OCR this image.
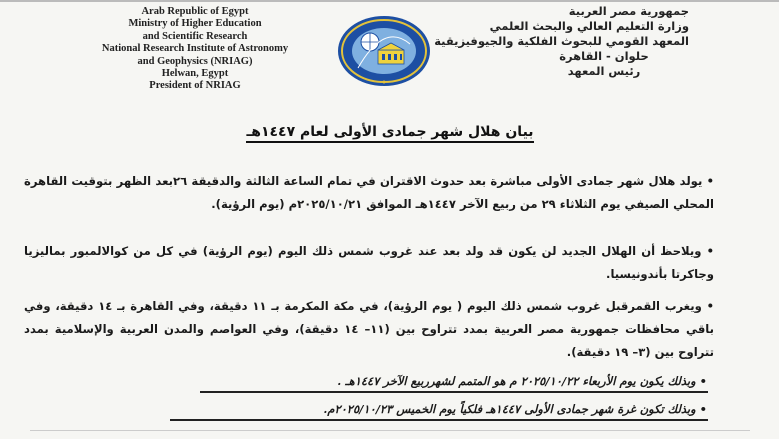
Arab Republic of Egypt
Ministry of Higher Education
and Scientific Research
National Research Institute of Astronomy
and Geophysics (NRIAG)
Helwan, Egypt
President of NRIAG
جمهورية مصر العربية
وزارة التعليم العالي والبحث العلمي
المعهد القومي للبحوث الفلكية والجيوفيزيقية
حلوان - القاهرة
رئيس المعهد
بيان هلال شهر جمادى الأولى لعام ١٤٤٧هـ
• يولد هلال شهر جمادى الأولى مباشرة بعد حدوث الاقتران في تمام الساعة الثالثة والدقيقة ٢٦بعد الظهر بتوقيت القاهرة المحلي الصيفي يوم الثلاثاء ٢٩ من ربيع الآخر ١٤٤٧هـ الموافق ٢٠٢٥/١٠/٢١م (يوم الرؤية).
• ويلاحظ أن الهلال الجديد لن يكون قد ولد بعد عند غروب شمس ذلك اليوم (يوم الرؤية) في كل من كوالالمبور بماليزيا وجاكرتا بأندونيسيا.
• ويغرب القمرقبل غروب شمس ذلك اليوم ( يوم الرؤية)، في مكة المكرمة بـ ١١ دقيقة، وفي القاهرة بـ ١٤ دقيقة، وفي باقي محافظات جمهورية مصر العربية بمدد تتراوح بين (١١– ١٤ دقيقة)، وفي العواصم والمدن العربية والإسلامية بمدد تتراوح بين (٣– ١٩ دقيقة).
• وبذلك يكون يوم الأربعاء ٢٠٢٥/١٠/٢٢ م هو المتمم لشهرربيع الآخر ١٤٤٧هـ .
• وبذلك تكون غرة شهر جمادى الأولى ١٤٤٧هـ فلكياً يوم الخميس ٢٠٢٥/١٠/٢٣م.
